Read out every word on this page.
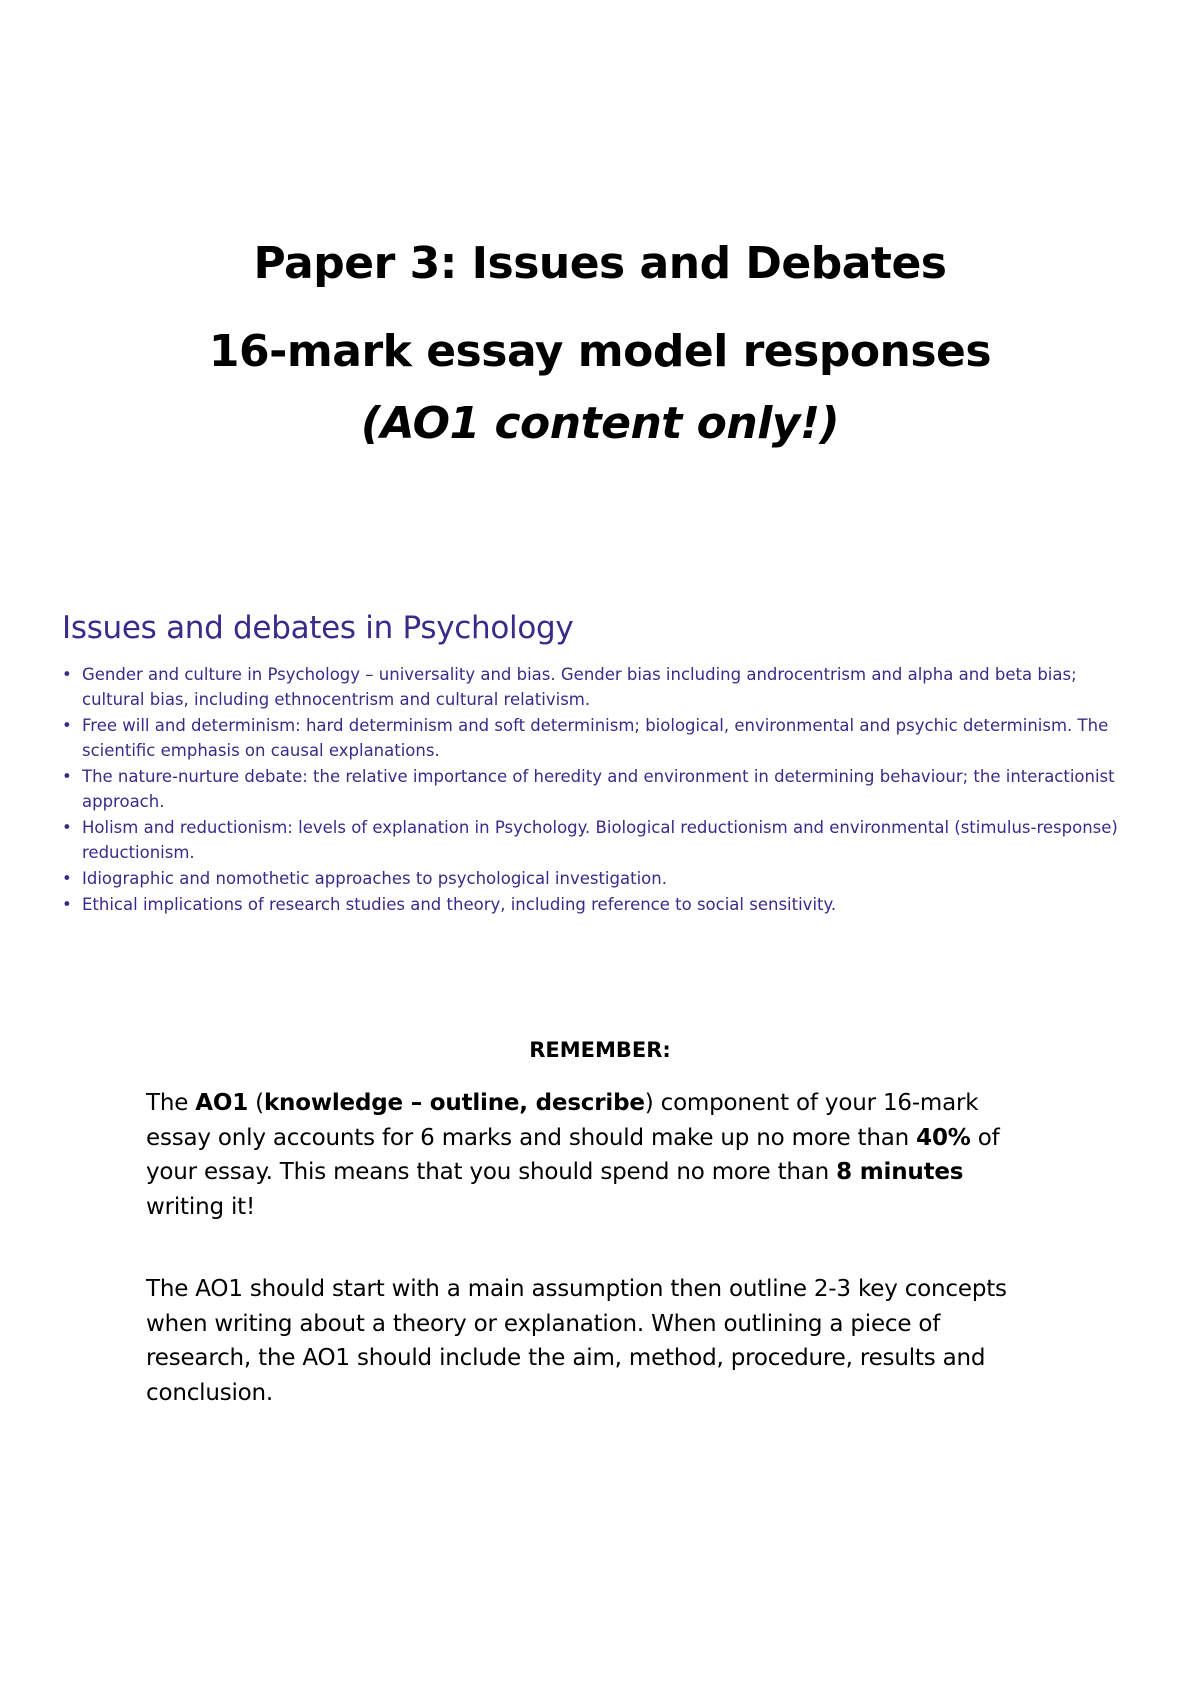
Paper 3: Issues and Debates
16-mark essay model responses
(AO1 content only!)
Issues and debates in Psychology
• Gender and culture in Psychology – universality and bias. Gender bias including androcentrism and alpha and beta bias; cultural bias, including ethnocentrism and cultural relativism.
• Free will and determinism: hard determinism and soft determinism; biological, environmental and psychic determinism. The scientific emphasis on causal explanations.
• The nature-nurture debate: the relative importance of heredity and environment in determining behaviour; the interactionist approach.
• Holism and reductionism: levels of explanation in Psychology. Biological reductionism and environmental (stimulus-response) reductionism.
• Idiographic and nomothetic approaches to psychological investigation.
• Ethical implications of research studies and theory, including reference to social sensitivity.
REMEMBER:

The AO1 (knowledge – outline, describe) component of your 16-mark essay only accounts for 6 marks and should make up no more than 40% of your essay. This means that you should spend no more than 8 minutes writing it!

The AO1 should start with a main assumption then outline 2-3 key concepts when writing about a theory or explanation. When outlining a piece of research, the AO1 should include the aim, method, procedure, results and conclusion.
